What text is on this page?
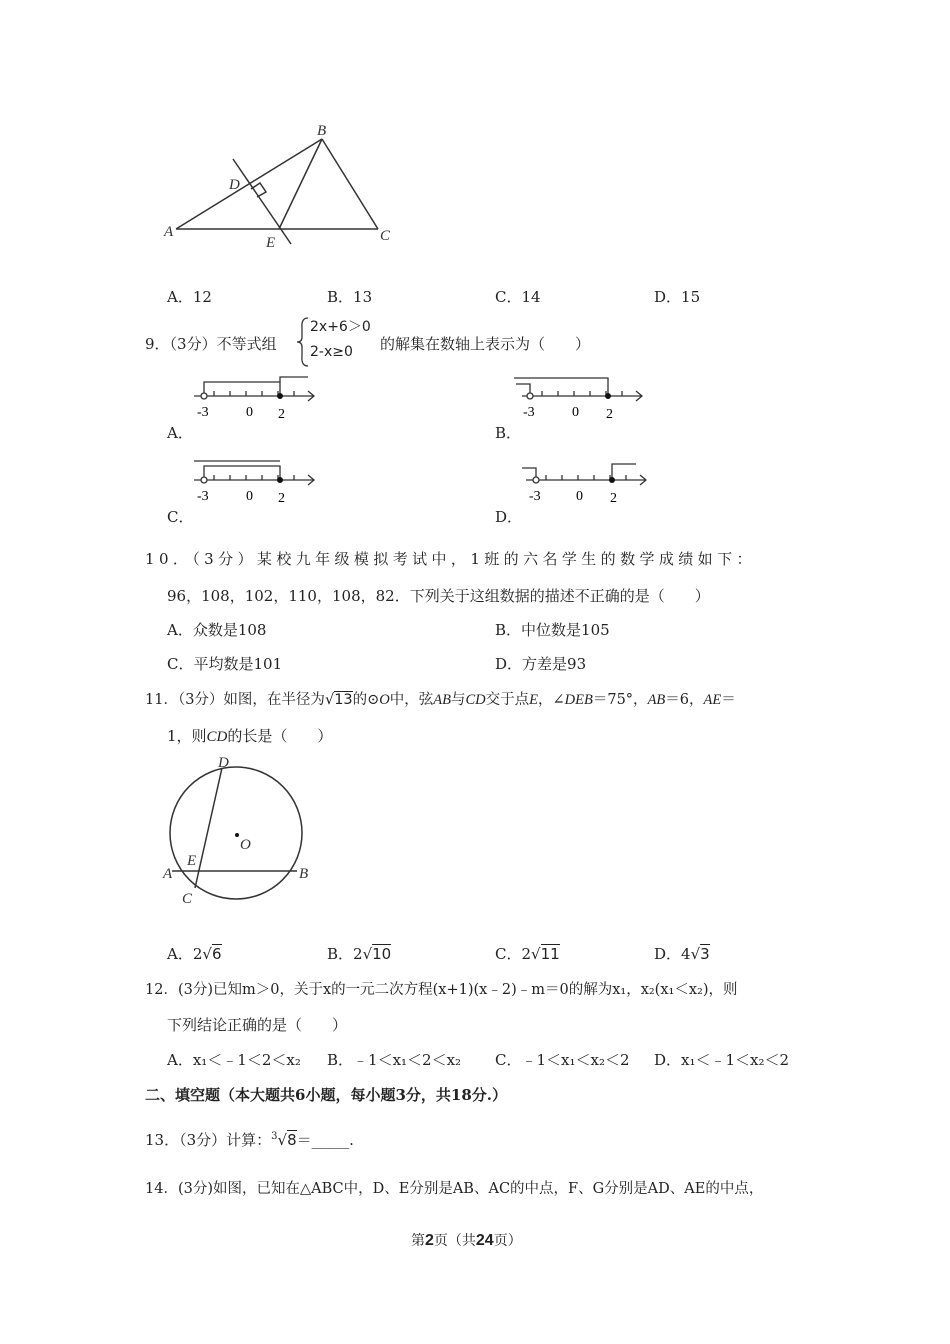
A
B
C
D
E
A．12	B．13	C．14	D．15
9．（3分）不等式组
2x+6＞0
2-x≥0 的解集在数轴上表示为（　　）
-3	0 2
A．
-3	0 2
B．
-3	0 2
C．
-3	0 2
D．
10．（3分）某校九年级模拟考试中，1班的六名学生的数学成绩如下：
96，108，102，110，108，82．下列关于这组数据的描述不正确的是（　　）
A．众数是108	B．中位数是105
C．平均数是101	D．方差是93
11．（3分）如图，在半径为√13的⊙O中，弦AB与CD交于点E，∠DEB＝75°，AB＝6，AE＝
1，则CD的长是（　　）
D
O
E
A	B
C
A．2√6	B．2√10	C．2√11	D．4√3
12．(3分)已知m＞0，关于x的一元二次方程(x+1)(x﹣2)﹣m＝0的解为x₁，x₂(x₁＜x₂)，则
下列结论正确的是（　　）
A．x₁＜﹣1＜2＜x₂ B．﹣1＜x₁＜2＜x₂ C．﹣1＜x₁＜x₂＜2 D．x₁＜﹣1＜x₂＜2
二、填空题（本大题共6小题，每小题3分，共18分.）
13．（3分）计算：$^3$√8＝_____.
14．(3分)如图，已知在△ABC中，D、E分别是AB、AC的中点，F、G分别是AD、AE的中点，
第2页（共24页）
